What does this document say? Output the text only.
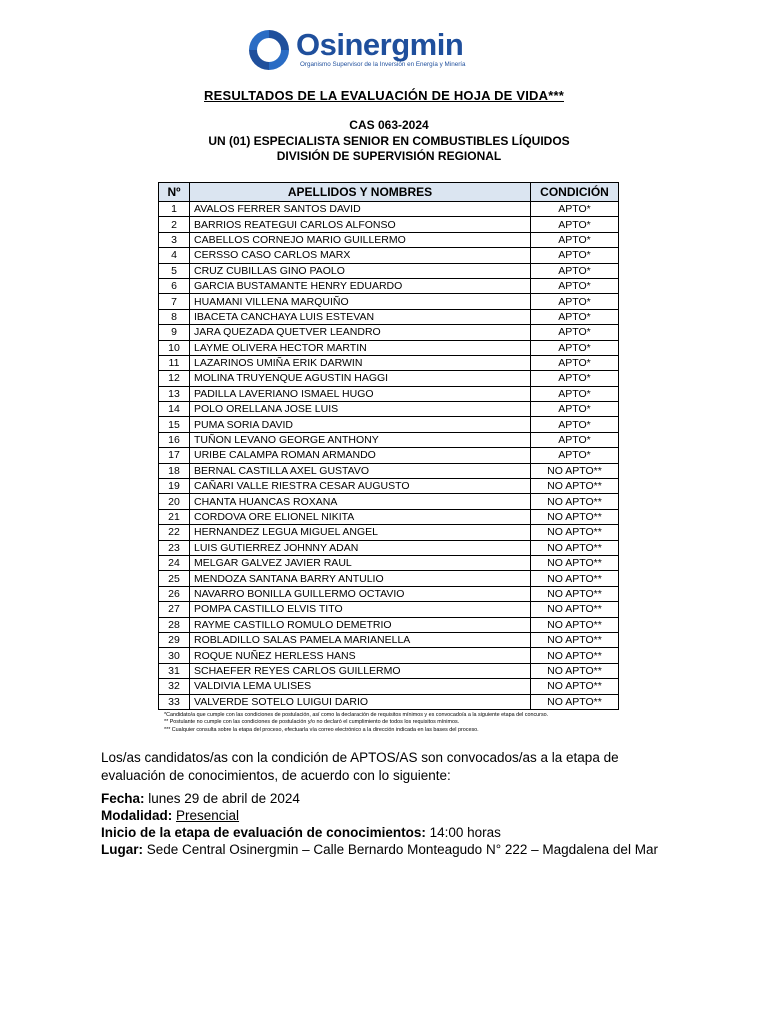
Osinergmin
Organismo Supervisor de la Inversión en Energía y Minería
RESULTADOS DE LA EVALUACIÓN DE HOJA DE VIDA***
CAS 063-2024
UN (01) ESPECIALISTA SENIOR EN COMBUSTIBLES LÍQUIDOS
DIVISIÓN DE SUPERVISIÓN REGIONAL
Nº	APELLIDOS Y NOMBRES	CONDICIÓN
1	AVALOS FERRER SANTOS DAVID	APTO*
2	BARRIOS REATEGUI CARLOS ALFONSO	APTO*
3	CABELLOS CORNEJO MARIO GUILLERMO	APTO*
4	CERSSO CASO CARLOS MARX	APTO*
5	CRUZ CUBILLAS GINO PAOLO	APTO*
6	GARCIA BUSTAMANTE HENRY EDUARDO	APTO*
7	HUAMANI VILLENA MARQUIÑO	APTO*
8	IBACETA CANCHAYA LUIS ESTEVAN	APTO*
9	JARA QUEZADA QUETVER LEANDRO	APTO*
10	LAYME OLIVERA HECTOR MARTIN	APTO*
11	LAZARINOS UMIÑA ERIK DARWIN	APTO*
12	MOLINA TRUYENQUE AGUSTIN HAGGI	APTO*
13	PADILLA LAVERIANO ISMAEL HUGO	APTO*
14	POLO ORELLANA JOSE LUIS	APTO*
15	PUMA SORIA DAVID	APTO*
16	TUÑON LEVANO GEORGE ANTHONY	APTO*
17	URIBE CALAMPA ROMAN ARMANDO	APTO*
18	BERNAL CASTILLA AXEL GUSTAVO	NO APTO**
19	CAÑARI VALLE RIESTRA CESAR AUGUSTO	NO APTO**
20	CHANTA HUANCAS ROXANA	NO APTO**
21	CORDOVA ORE ELIONEL NIKITA	NO APTO**
22	HERNANDEZ LEGUA MIGUEL ANGEL	NO APTO**
23	LUIS GUTIERREZ JOHNNY ADAN	NO APTO**
24	MELGAR GALVEZ JAVIER RAUL	NO APTO**
25	MENDOZA SANTANA BARRY ANTULIO	NO APTO**
26	NAVARRO BONILLA GUILLERMO OCTAVIO	NO APTO**
27	POMPA CASTILLO ELVIS TITO	NO APTO**
28	RAYME CASTILLO ROMULO DEMETRIO	NO APTO**
29	ROBLADILLO SALAS PAMELA MARIANELLA	NO APTO**
30	ROQUE NUÑEZ HERLESS HANS	NO APTO**
31	SCHAEFER REYES CARLOS GUILLERMO	NO APTO**
32	VALDIVIA LEMA ULISES	NO APTO**
33	VALVERDE SOTELO LUIGUI DARIO	NO APTO**
*Candidato/a que cumple con las condiciones de postulación, así como la declaración de requisitos mínimos y es convocado/a a la siguiente etapa del concurso.
** Postulante no cumple con las condiciones de postulación y/o no declaró el cumplimiento de todos los requisitos mínimos.
*** Cualquier consulta sobre la etapa del proceso, efectuarla vía correo electrónico a la dirección indicada en las bases del proceso.
Los/as candidatos/as con la condición de APTOS/AS son convocados/as a la etapa de evaluación de conocimientos, de acuerdo con lo siguiente:
Fecha: lunes 29 de abril de 2024
Modalidad: Presencial
Inicio de la etapa de evaluación de conocimientos: 14:00 horas
Lugar: Sede Central Osinergmin – Calle Bernardo Monteagudo N° 222 – Magdalena del Mar
